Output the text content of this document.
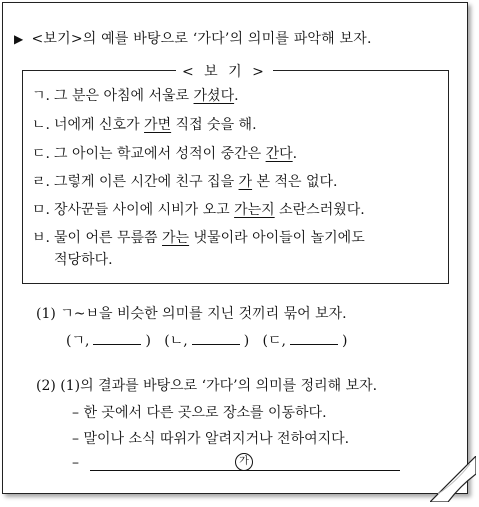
▶ <보기>의 예를 바탕으로 ‘가다’의 의미를 파악해 보자.
< 보 기 >
ㄱ. 그 분은 아침에 서울로 가셨다.
ㄴ. 너에게 신호가 가면 직접 숫을 해.
ㄷ. 그 아이는 학교에서 성적이 중간은 간다.
ㄹ. 그렇게 이른 시간에 친구 집을 가 본 적은 없다.
ㅁ. 장사꾼들 사이에 시비가 오고 가는지 소란스러웠다.
ㅂ. 물이 어른 무릎쯤 가는 냇물이라 아이들이 놀기에도
적당하다.
(1) ㄱ~ㅂ을 비슷한 의미를 지닌 것끼리 묶어 보자.
(ㄱ,	) (ㄴ,	) (ㄷ,	)
(2) (1)의 결과를 바탕으로 ‘가다’의 의미를 정리해 보자.
– 한 곳에서 다른 곳으로 장소를 이동하다.
– 말이나 소식 따위가 알려지거나 전하여지다.
–	가
